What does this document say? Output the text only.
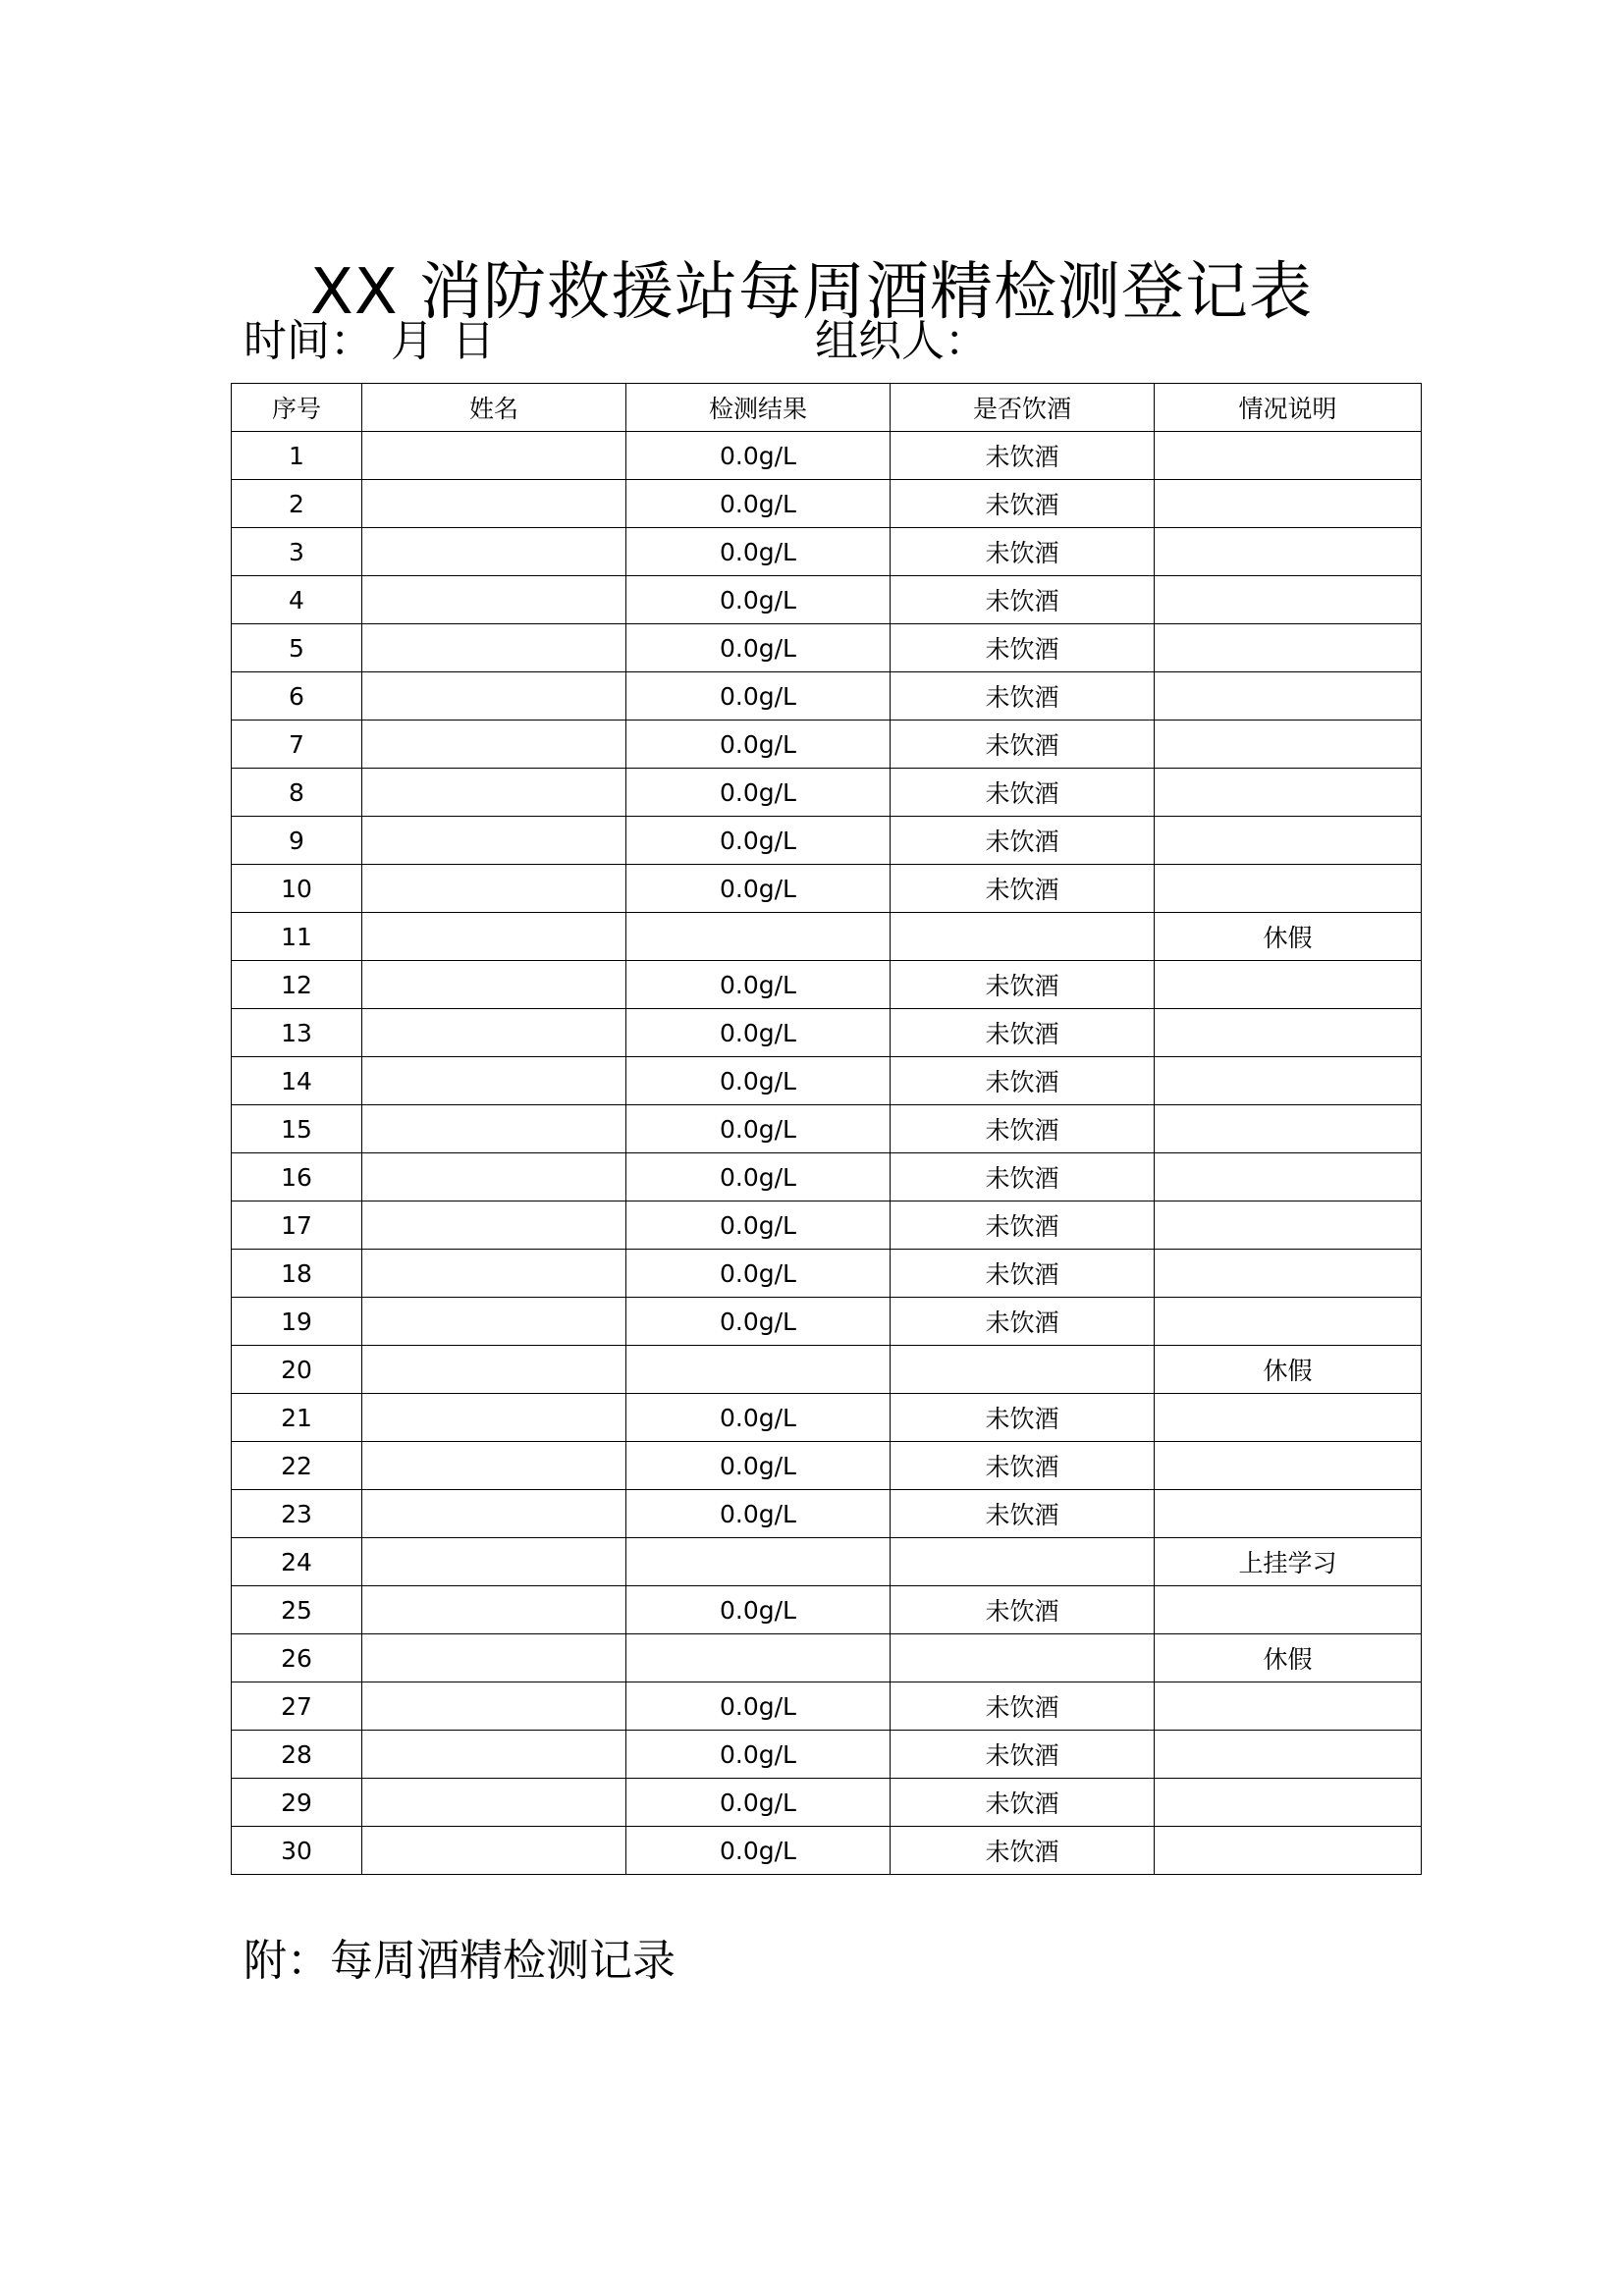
XX 消防救援站每周酒精检测登记表
时间： 月 日	组织人：
序号	姓名	检测结果	是否饮酒	情况说明
1		0.0g/L	未饮酒	
2		0.0g/L	未饮酒	
3		0.0g/L	未饮酒	
4		0.0g/L	未饮酒	
5		0.0g/L	未饮酒	
6		0.0g/L	未饮酒	
7		0.0g/L	未饮酒	
8		0.0g/L	未饮酒	
9		0.0g/L	未饮酒	
10		0.0g/L	未饮酒	
11				休假
12		0.0g/L	未饮酒	
13		0.0g/L	未饮酒	
14		0.0g/L	未饮酒	
15		0.0g/L	未饮酒	
16		0.0g/L	未饮酒	
17		0.0g/L	未饮酒	
18		0.0g/L	未饮酒	
19		0.0g/L	未饮酒	
20				休假
21		0.0g/L	未饮酒	
22		0.0g/L	未饮酒	
23		0.0g/L	未饮酒	
24				上挂学习
25		0.0g/L	未饮酒	
26				休假
27		0.0g/L	未饮酒	
28		0.0g/L	未饮酒	
29		0.0g/L	未饮酒	
30		0.0g/L	未饮酒	
附：每周酒精检测记录
